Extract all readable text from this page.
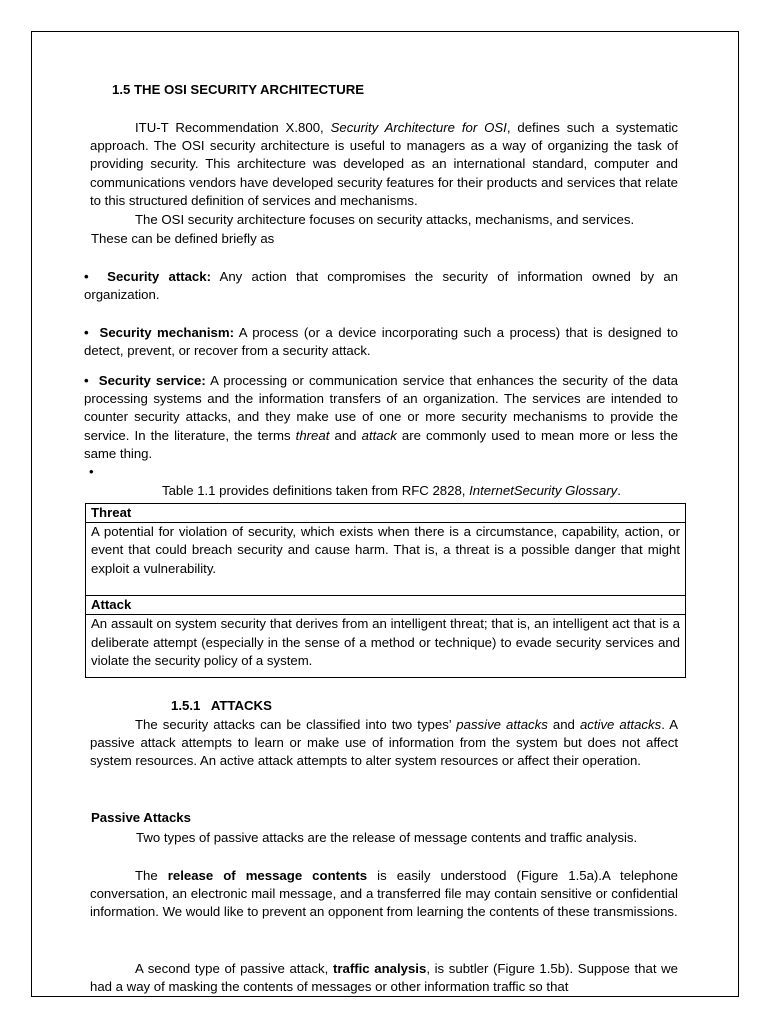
1.5 THE OSI SECURITY ARCHITECTURE

ITU-T Recommendation X.800, Security Architecture for OSI, defines such a systematic approach. The OSI security architecture is useful to managers as a way of organizing the task of providing security. This architecture was developed as an international standard, computer and communications vendors have developed security features for their products and services that relate to this structured definition of services and mechanisms.

The OSI security architecture focuses on security attacks, mechanisms, and services.

These can be defined briefly as

• Security attack: Any action that compromises the security of information owned by an organization.

• Security mechanism: A process (or a device incorporating such a process) that is designed to detect, prevent, or recover from a security attack.

• Security service: A processing or communication service that enhances the security of the data processing systems and the information transfers of an organization. The services are intended to counter security attacks, and they make use of one or more security mechanisms to provide the service. In the literature, the terms threat and attack are commonly used to mean more or less the same thing.

•

Table 1.1 provides definitions taken from RFC 2828, InternetSecurity Glossary.

Threat
A potential for violation of security, which exists when there is a circumstance, capability, action, or event that could breach security and cause harm. That is, a threat is a possible danger that might exploit a vulnerability.
Attack
An assault on system security that derives from an intelligent threat; that is, an intelligent act that is a deliberate attempt (especially in the sense of a method or technique) to evade security services and violate the security policy of a system.
1.5.1   ATTACKS

The security attacks can be classified into two types’ passive attacks and active attacks. A passive attack attempts to learn or make use of information from the system but does not affect system resources. An active attack attempts to alter system resources or affect their operation.

Passive Attacks

Two types of passive attacks are the release of message contents and traffic analysis.

The release of message contents is easily understood (Figure 1.5a).A telephone conversation, an electronic mail message, and a transferred file may contain sensitive or confidential information. We would like to prevent an opponent from learning the contents of these transmissions.

A second type of passive attack, traffic analysis, is subtler (Figure 1.5b). Suppose that we had a way of masking the contents of messages or other information traffic so that
